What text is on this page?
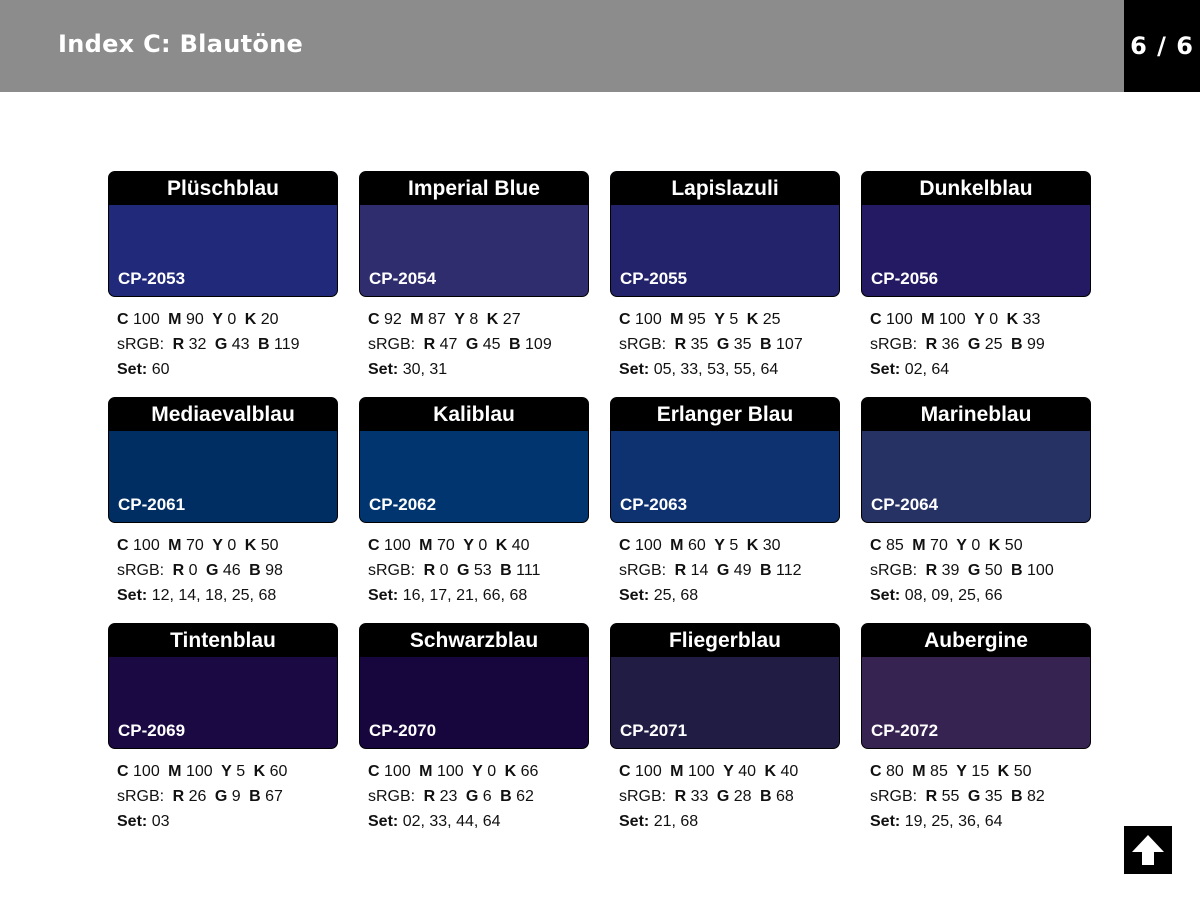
Index C: Blautöne	6 / 6
Plüschblau
CP-2053
C 100 M 90 Y 0 K 20
sRGB: R 32 G 43 B 119
Set: 60
Imperial Blue
CP-2054
C 92 M 87 Y 8 K 27
sRGB: R 47 G 45 B 109
Set: 30, 31
Lapislazuli
CP-2055
C 100 M 95 Y 5 K 25
sRGB: R 35 G 35 B 107
Set: 05, 33, 53, 55, 64
Dunkelblau
CP-2056
C 100 M 100 Y 0 K 33
sRGB: R 36 G 25 B 99
Set: 02, 64
Mediaevalblau
CP-2061
C 100 M 70 Y 0 K 50
sRGB: R 0 G 46 B 98
Set: 12, 14, 18, 25, 68
Kaliblau
CP-2062
C 100 M 70 Y 0 K 40
sRGB: R 0 G 53 B 111
Set: 16, 17, 21, 66, 68
Erlanger Blau
CP-2063
C 100 M 60 Y 5 K 30
sRGB: R 14 G 49 B 112
Set: 25, 68
Marineblau
CP-2064
C 85 M 70 Y 0 K 50
sRGB: R 39 G 50 B 100
Set: 08, 09, 25, 66
Tintenblau
CP-2069
C 100 M 100 Y 5 K 60
sRGB: R 26 G 9 B 67
Set: 03
Schwarzblau
CP-2070
C 100 M 100 Y 0 K 66
sRGB: R 23 G 6 B 62
Set: 02, 33, 44, 64
Fliegerblau
CP-2071
C 100 M 100 Y 40 K 40
sRGB: R 33 G 28 B 68
Set: 21, 68
Aubergine
CP-2072
C 80 M 85 Y 15 K 50
sRGB: R 55 G 35 B 82
Set: 19, 25, 36, 64
